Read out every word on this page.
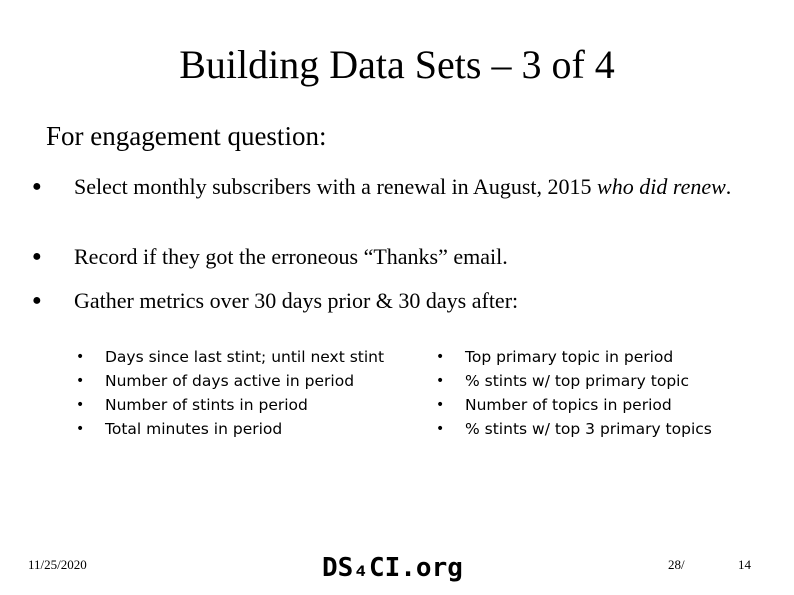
Building Data Sets – 3 of 4
For engagement question:
●	Select monthly subscribers with a renewal in August, 2015 who did renew.
●	Record if they got the erroneous “Thanks” email.
●	Gather metrics over 30 days prior & 30 days after:
• Days since last stint; until next stint
• Number of days active in period
• Number of stints in period
• Total minutes in period
• Top primary topic in period
• % stints w/ top primary topic
• Number of topics in period
• % stints w/ top 3 primary topics
11/25/2020	DS₄CI.org	28/	14
